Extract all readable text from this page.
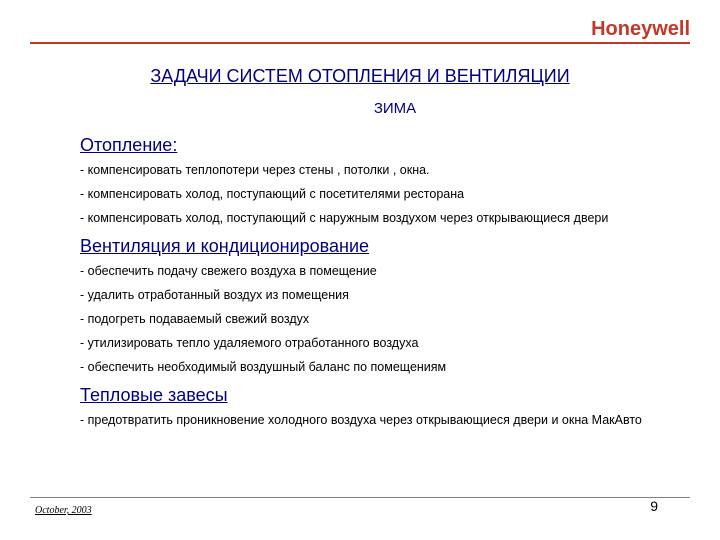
Honeywell
ЗАДАЧИ СИСТЕМ ОТОПЛЕНИЯ И ВЕНТИЛЯЦИИ
ЗИМА
Отопление:
- компенсировать теплопотери через стены , потолки , окна.
- компенсировать холод, поступающий с посетителями ресторана
- компенсировать холод, поступающий с наружным воздухом через открывающиеся двери
Вентиляция и кондиционирование
- обеспечить подачу свежего воздуха в помещение
- удалить отработанный воздух из помещения
- подогреть подаваемый свежий воздух
- утилизировать тепло удаляемого отработанного воздуха
- обеспечить необходимый воздушный баланс по помещениям
Тепловые завесы
- предотвратить проникновение холодного воздуха через открывающиеся двери и окна МакАвто
October, 2003	9
